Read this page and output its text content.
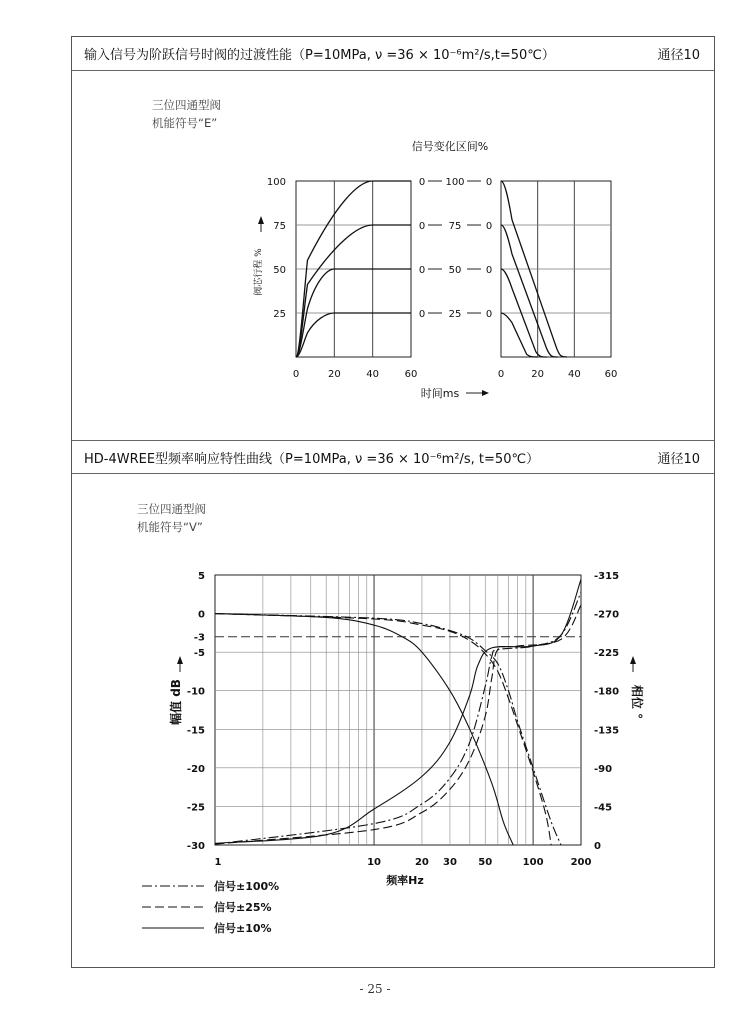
输入信号为阶跃信号时阀的过渡性能（P=10MPa, ν =36 × 10⁻⁶m²/s,t=50℃）	通径10
HD-4WREE型频率响应特性曲线（P=10MPa, ν =36 × 10⁻⁶m²/s, t=50℃）	通径10
三位四通型阀
机能符号“E”
三位四通型阀
机能符号“V”
100
75
50
25
0	20	40	60	0	20 40 60
0 100 0
0 75 0
0 50 0
0 25 0
信号变化区间%
阀芯行程 %
时间ms
5
0
-3
-5
-10
-15
-20
-25
-30
-315
-270
-225
-180
-135
-90
-45
0
1	10	20 30 50	100	200
幅值 dB	相位 °
频率Hz
信号±100%
信号±25%
信号±10%
- 25 -
